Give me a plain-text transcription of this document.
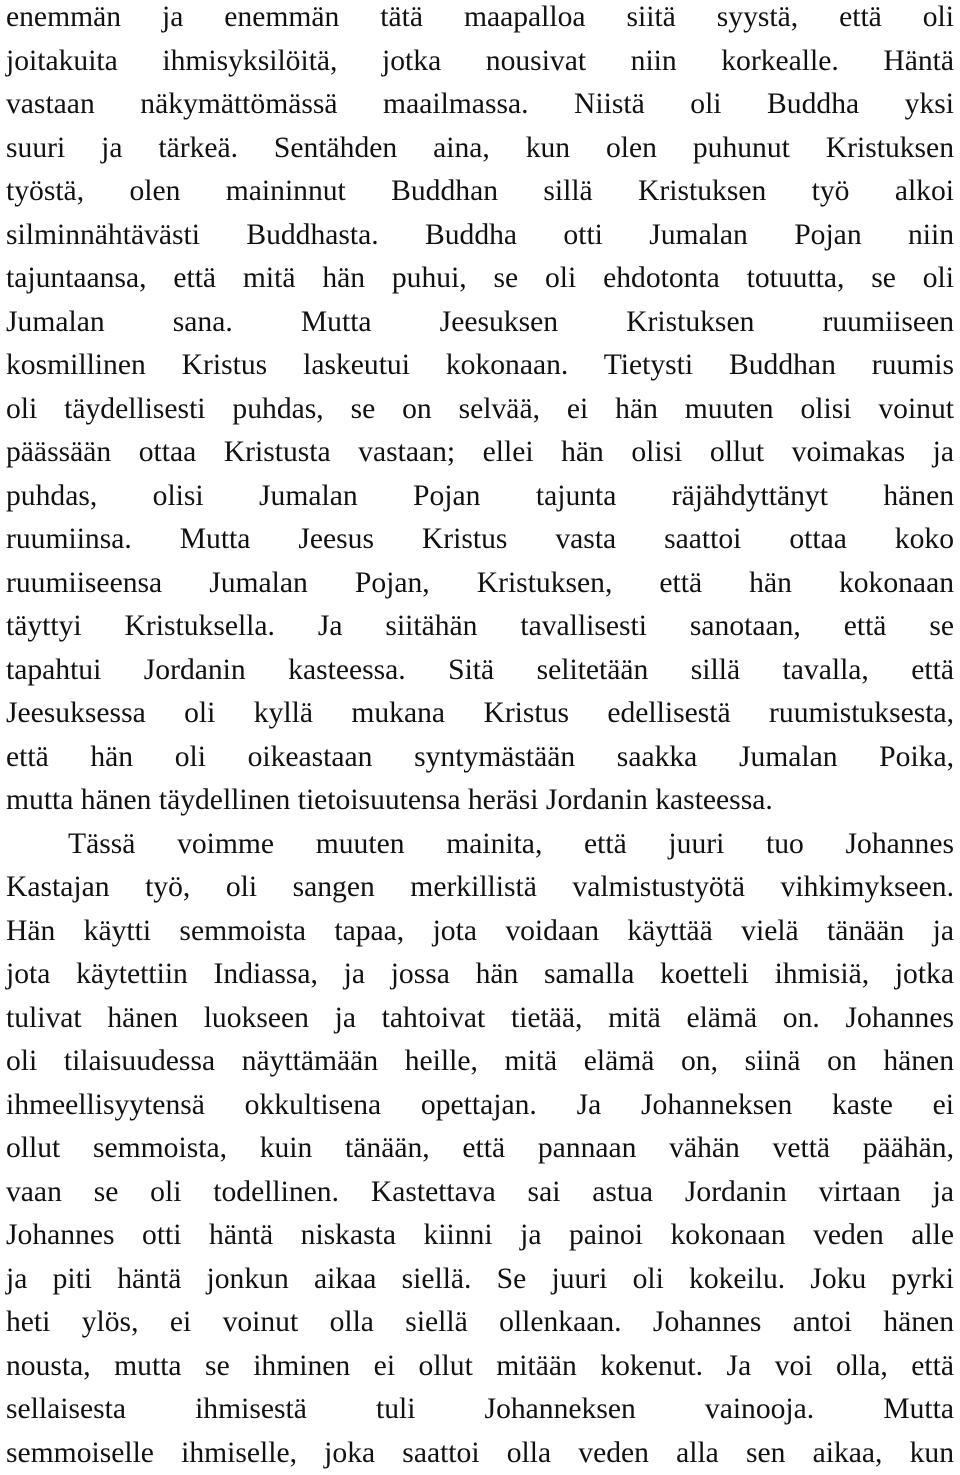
enemmän ja enemmän tätä maapalloa siitä syystä, että oli
joitakuita ihmisyksilöitä, jotka nousivat niin korkealle. Häntä
vastaan näkymättömässä maailmassa. Niistä oli Buddha yksi
suuri ja tärkeä. Sentähden aina, kun olen puhunut Kristuksen
työstä, olen maininnut Buddhan sillä Kristuksen työ alkoi
silminnähtävästi Buddhasta. Buddha otti Jumalan Pojan niin
tajuntaansa, että mitä hän puhui, se oli ehdotonta totuutta, se oli
Jumalan sana. Mutta Jeesuksen Kristuksen ruumiiseen
kosmillinen Kristus laskeutui kokonaan. Tietysti Buddhan ruumis
oli täydellisesti puhdas, se on selvää, ei hän muuten olisi voinut
päässään ottaa Kristusta vastaan; ellei hän olisi ollut voimakas ja
puhdas, olisi Jumalan Pojan tajunta räjähdyttänyt hänen
ruumiinsa. Mutta Jeesus Kristus vasta saattoi ottaa koko
ruumiiseensa Jumalan Pojan, Kristuksen, että hän kokonaan
täyttyi Kristuksella. Ja siitähän tavallisesti sanotaan, että se
tapahtui Jordanin kasteessa. Sitä selitetään sillä tavalla, että
Jeesuksessa oli kyllä mukana Kristus edellisestä ruumistuksesta,
että hän oli oikeastaan syntymästään saakka Jumalan Poika,
mutta hänen täydellinen tietoisuutensa heräsi Jordanin kasteessa.
Tässä voimme muuten mainita, että juuri tuo Johannes
Kastajan työ, oli sangen merkillistä valmistustyötä vihkimykseen.
Hän käytti semmoista tapaa, jota voidaan käyttää vielä tänään ja
jota käytettiin Indiassa, ja jossa hän samalla koetteli ihmisiä, jotka
tulivat hänen luokseen ja tahtoivat tietää, mitä elämä on. Johannes
oli tilaisuudessa näyttämään heille, mitä elämä on, siinä on hänen
ihmeellisyytensä okkultisena opettajan. Ja Johanneksen kaste ei
ollut semmoista, kuin tänään, että pannaan vähän vettä päähän,
vaan se oli todellinen. Kastettava sai astua Jordanin virtaan ja
Johannes otti häntä niskasta kiinni ja painoi kokonaan veden alle
ja piti häntä jonkun aikaa siellä. Se juuri oli kokeilu. Joku pyrki
heti ylös, ei voinut olla siellä ollenkaan. Johannes antoi hänen
nousta, mutta se ihminen ei ollut mitään kokenut. Ja voi olla, että
sellaisesta ihmisestä tuli Johanneksen vainooja. Mutta
semmoiselle ihmiselle, joka saattoi olla veden alla sen aikaa, kun
